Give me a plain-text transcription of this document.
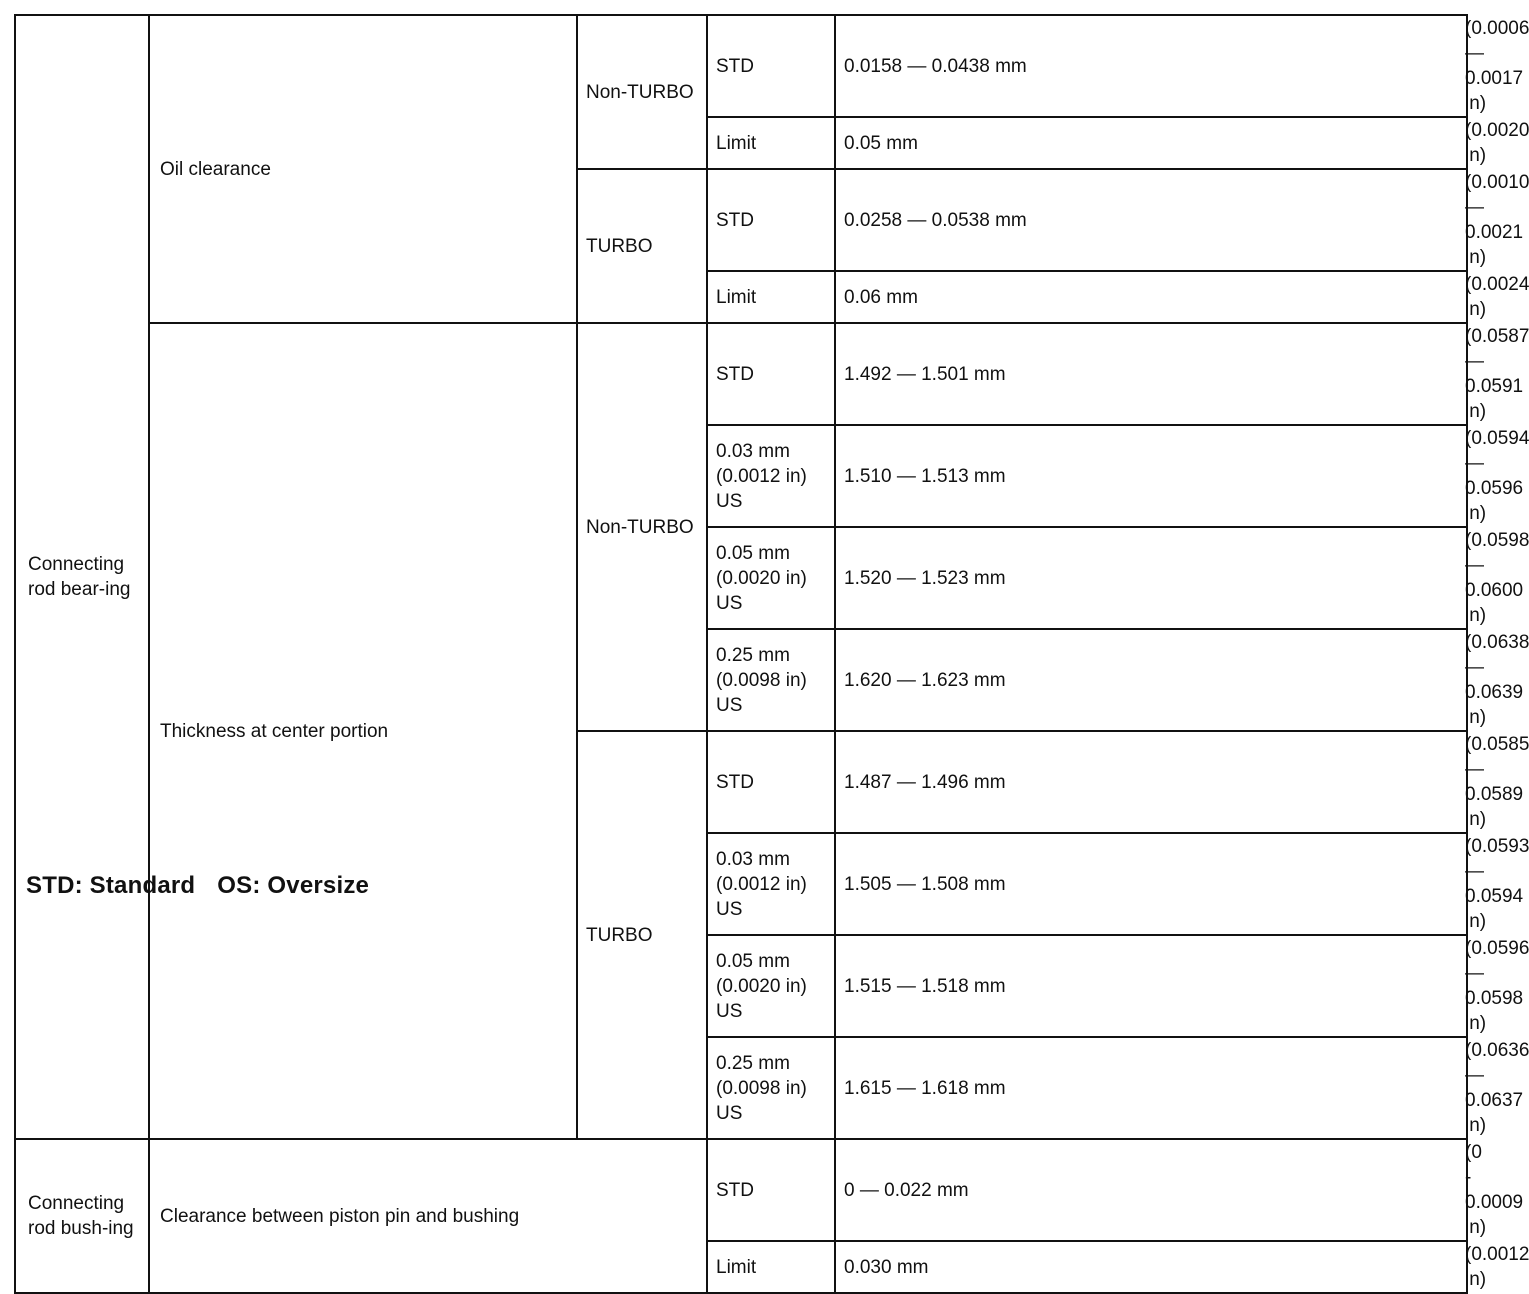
Connecting rod bear-ing	Oil clearance	Non-TURBO	STD	0.0158 — 0.0438 mm	(0.0006 — 0.0017 in)
			Limit	0.05 mm	(0.0020 in)
		TURBO	STD	0.0258 — 0.0538 mm	(0.0010 — 0.0021 in)
			Limit	0.06 mm	(0.0024 in)
	Thickness at center portion	Non-TURBO	STD	1.492 — 1.501 mm	(0.0587 — 0.0591 in)
			0.03 mm (0.0012 in) US	1.510 — 1.513 mm	(0.0594 — 0.0596 in)
			0.05 mm (0.0020 in) US	1.520 — 1.523 mm	(0.0598 — 0.0600 in)
			0.25 mm (0.0098 in) US	1.620 — 1.623 mm	(0.0638 — 0.0639 in)
		TURBO	STD	1.487 — 1.496 mm	(0.0585 — 0.0589 in)
			0.03 mm (0.0012 in) US	1.505 — 1.508 mm	(0.0593 — 0.0594 in)
			0.05 mm (0.0020 in) US	1.515 — 1.518 mm	(0.0596 — 0.0598 in)
			0.25 mm (0.0098 in) US	1.615 — 1.618 mm	(0.0636 — 0.0637 in)
Connecting rod bush-ing	Clearance between piston pin and bushing		STD	0 — 0.022 mm	(0 - 0.0009 in)
			Limit	0.030 mm	(0.0012 in)
STD: Standard OS: Oversize
